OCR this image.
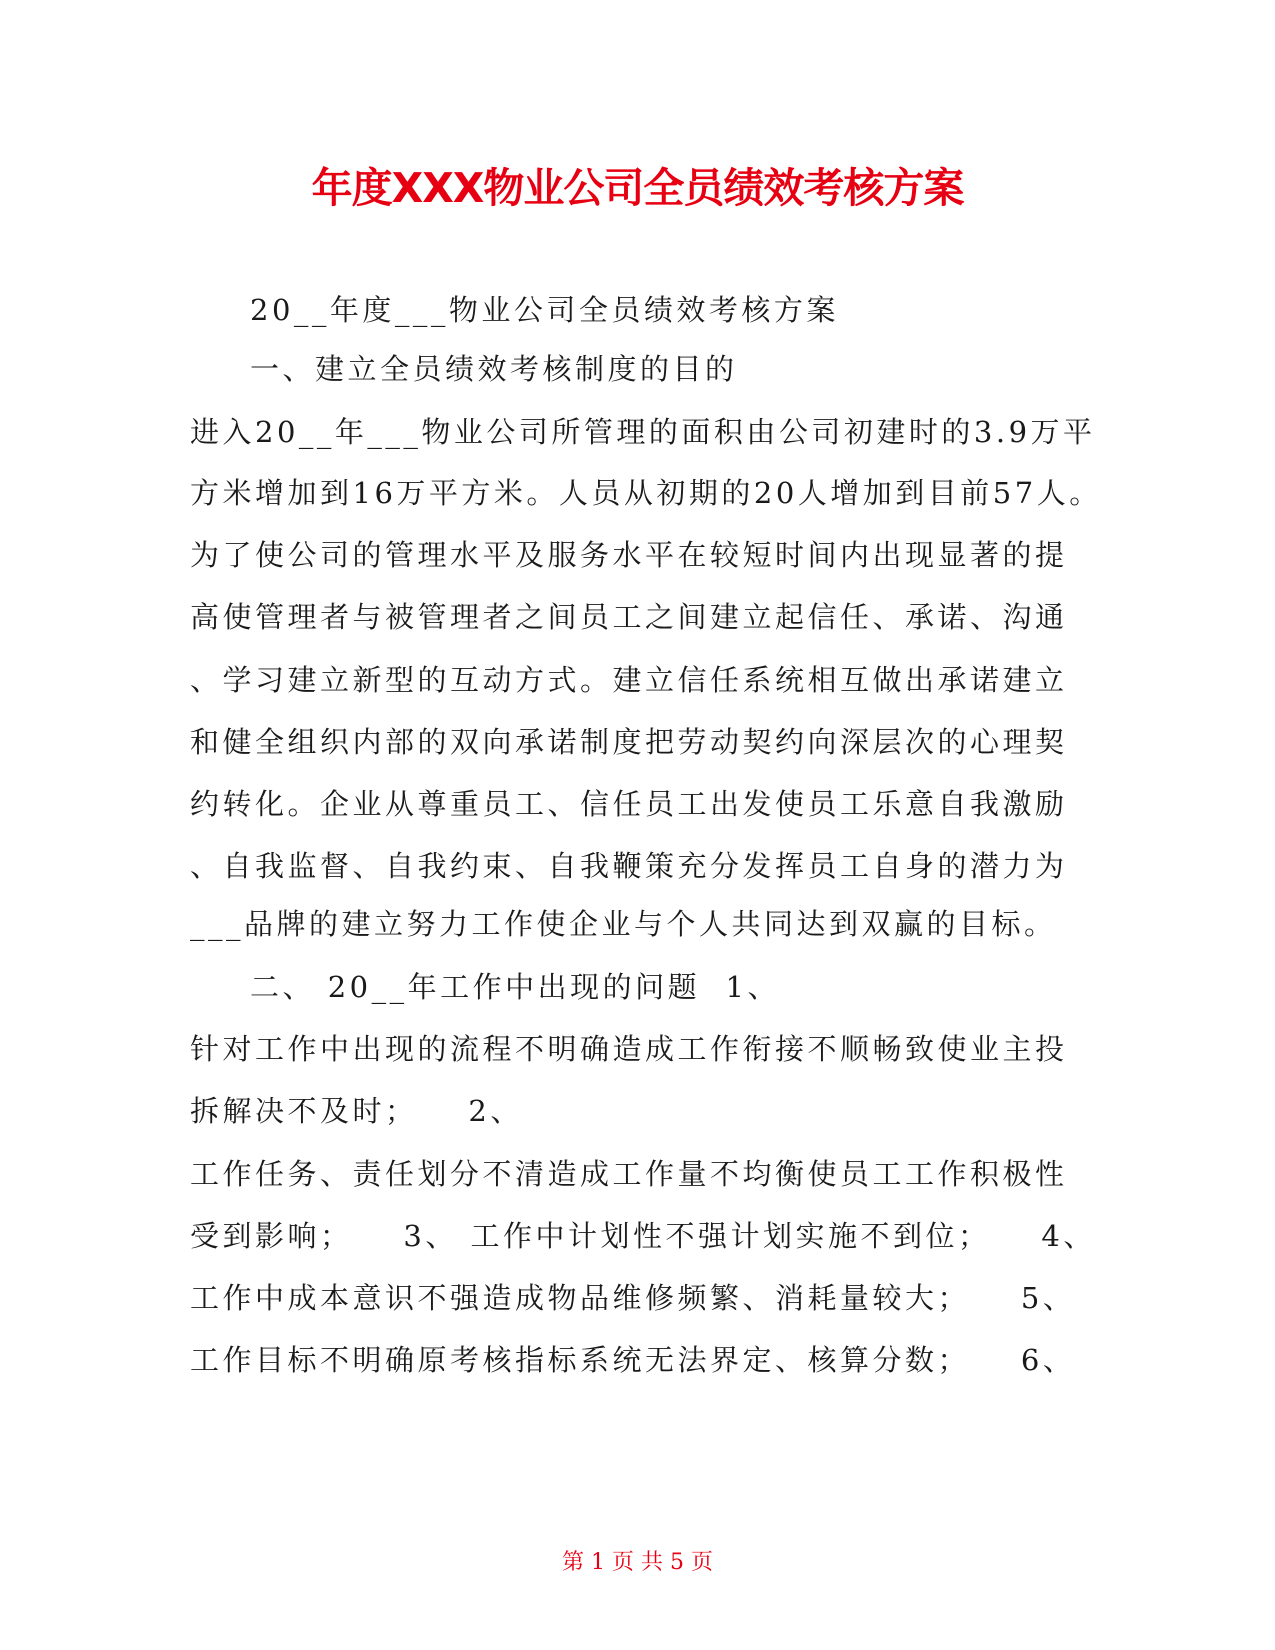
年度XXX物业公司全员绩效考核方案

20__年度___物业公司全员绩效考核方案

一、建立全员绩效考核制度的目的

进入20__年___物业公司所管理的面积由公司初建时的3.9万平

方米增加到16万平方米。人员从初期的20人增加到目前57人。

为了使公司的管理水平及服务水平在较短时间内出现显著的提

高使管理者与被管理者之间员工之间建立起信任、承诺、沟通

、学习建立新型的互动方式。建立信任系统相互做出承诺建立

和健全组织内部的双向承诺制度把劳动契约向深层次的心理契

约转化。企业从尊重员工、信任员工出发使员工乐意自我激励

、自我监督、自我约束、自我鞭策充分发挥员工自身的潜力为

___品牌的建立努力工作使企业与个人共同达到双赢的目标。

二、 20__年工作中出现的问题  1、

针对工作中出现的流程不明确造成工作衔接不顺畅致使业主投

拆解决不及时；    2、

工作任务、责任划分不清造成工作量不均衡使员工工作积极性

受到影响；    3、 工作中计划性不强计划实施不到位；    4、

工作中成本意识不强造成物品维修频繁、消耗量较大；    5、

工作目标不明确原考核指标系统无法界定、核算分数；    6、

第 1 页 共 5 页
